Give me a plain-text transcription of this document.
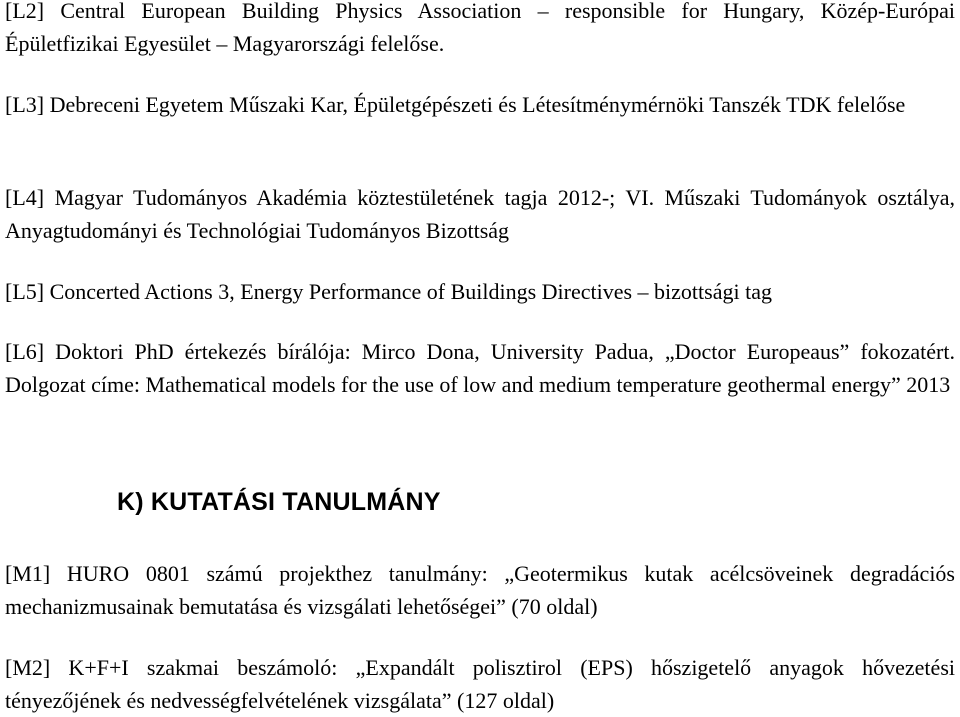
[L2] Central European Building Physics Association – responsible for Hungary, Közép-Európai Épületfizikai Egyesület – Magyarországi felelőse.

[L3] Debreceni Egyetem Műszaki Kar, Épületgépészeti és Létesítménymérnöki Tanszék TDK felelőse

[L4] Magyar Tudományos Akadémia köztestületének tagja 2012-; VI. Műszaki Tudományok osztálya, Anyagtudományi és Technológiai Tudományos Bizottság

[L5] Concerted Actions 3, Energy Performance of Buildings Directives – bizottsági tag

[L6] Doktori PhD értekezés bírálója: Mirco Dona, University Padua, „Doctor Europeaus” fokozatért. Dolgozat címe: Mathematical models for the use of low and medium temperature geothermal energy” 2013

K) KUTATÁSI TANULMÁNY

[M1] HURO 0801 számú projekthez tanulmány: „Geotermikus kutak acélcsöveinek degradációs mechanizmusainak bemutatása és vizsgálati lehetőségei” (70 oldal)

[M2] K+F+I szakmai beszámoló: „Expandált polisztirol (EPS) hőszigetelő anyagok hővezetési tényezőjének és nedvességfelvételének vizsgálata” (127 oldal)
